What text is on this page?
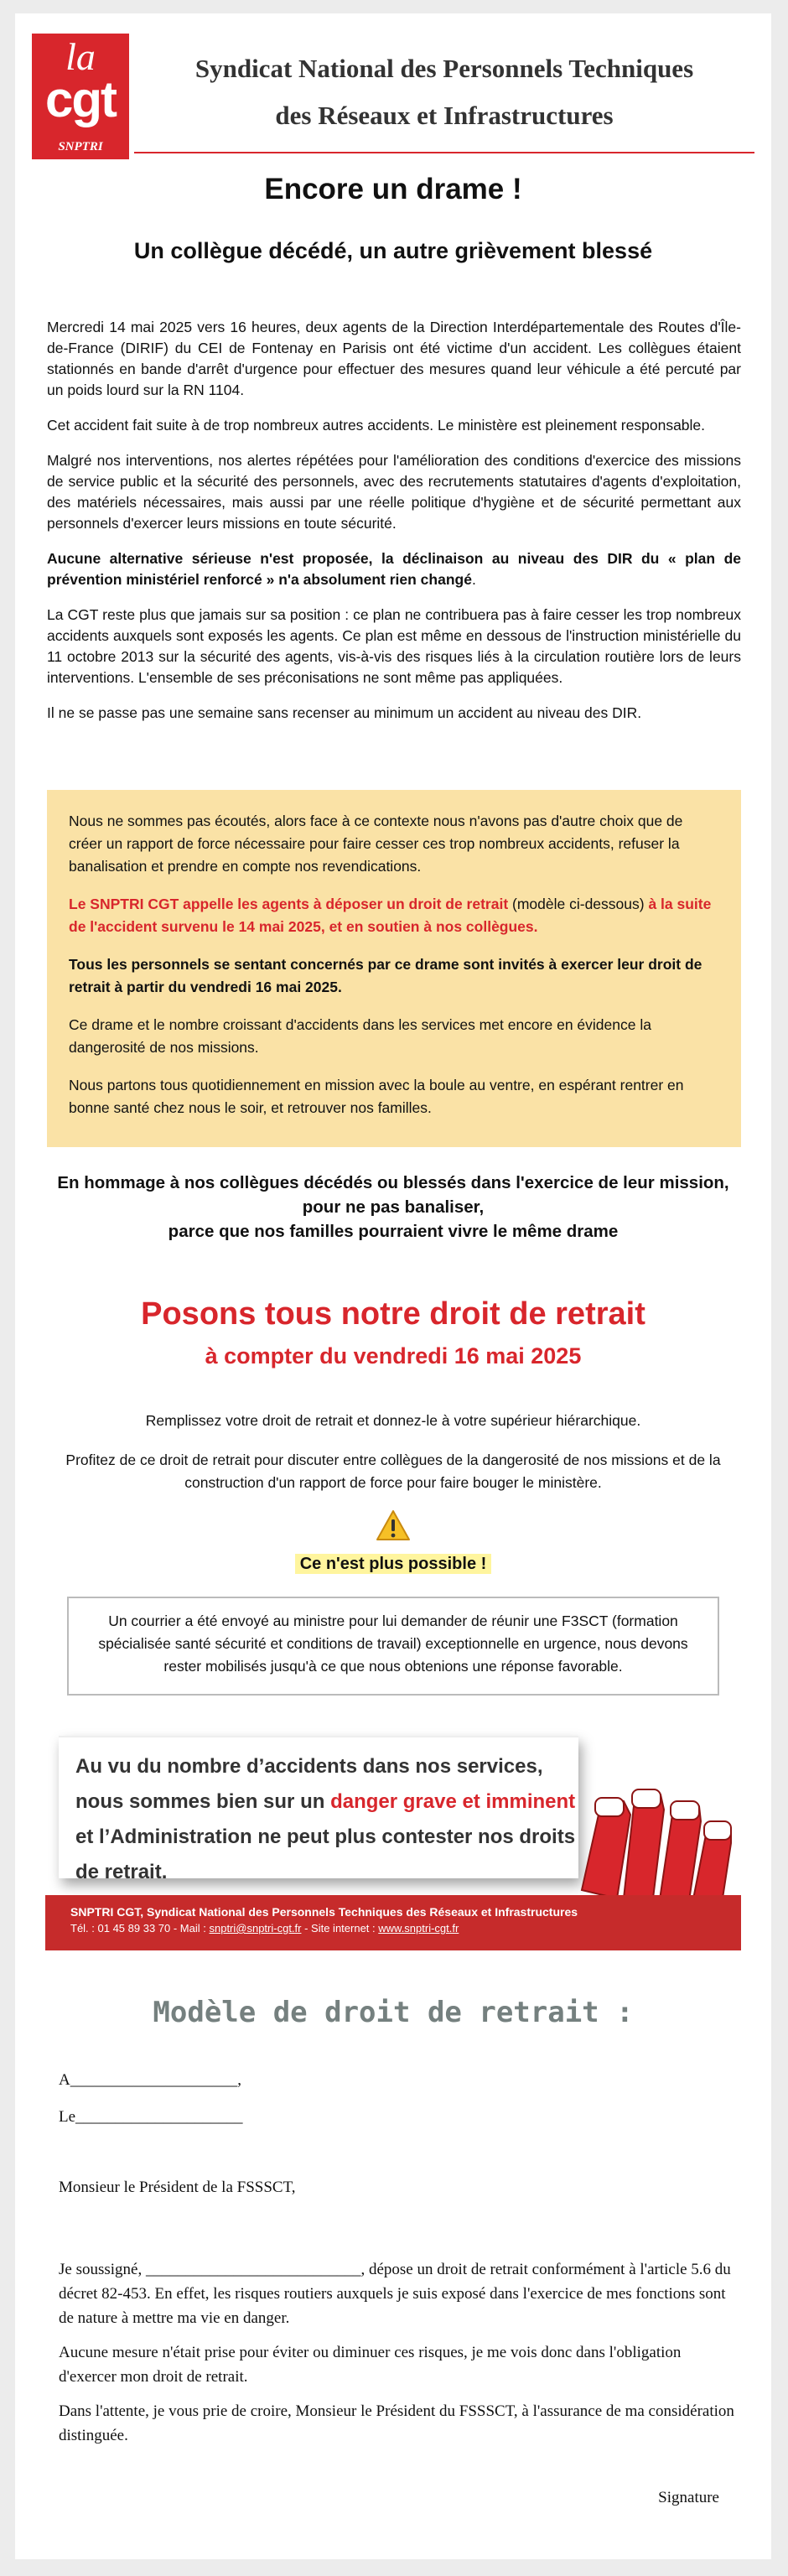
la
cgt
SNPTRI
Syndicat National des Personnels Techniques
des Réseaux et Infrastructures
Encore un drame !
Un collègue décédé, un autre grièvement blessé

Mercredi 14 mai 2025 vers 16 heures, deux agents de la Direction Interdépartementale des Routes d'Île-de-France (DIRIF) du CEI de Fontenay en Parisis ont été victime d'un accident. Les collègues étaient stationnés en bande d'arrêt d'urgence pour effectuer des mesures quand leur véhicule a été percuté par un poids lourd sur la RN 1104.

Cet accident fait suite à de trop nombreux autres accidents. Le ministère est pleinement responsable.

Malgré nos interventions, nos alertes répétées pour l'amélioration des conditions d'exercice des missions de service public et la sécurité des personnels, avec des recrutements statutaires d'agents d'exploitation, des matériels nécessaires, mais aussi par une réelle politique d'hygiène et de sécurité permettant aux personnels d'exercer leurs missions en toute sécurité.

Aucune alternative sérieuse n'est proposée, la déclinaison au niveau des DIR du « plan de prévention ministériel renforcé » n'a absolument rien changé.

La CGT reste plus que jamais sur sa position : ce plan ne contribuera pas à faire cesser les trop nombreux accidents auxquels sont exposés les agents. Ce plan est même en dessous de l'instruction ministérielle du 11 octobre 2013 sur la sécurité des agents, vis-à-vis des risques liés à la circulation routière lors de leurs interventions. L'ensemble de ses préconisations ne sont même pas appliquées.

Il ne se passe pas une semaine sans recenser au minimum un accident au niveau des DIR.

Nous ne sommes pas écoutés, alors face à ce contexte nous n'avons pas d'autre choix que de créer un rapport de force nécessaire pour faire cesser ces trop nombreux accidents, refuser la banalisation et prendre en compte nos revendications.

Le SNPTRI CGT appelle les agents à déposer un droit de retrait (modèle ci-dessous) à la suite de l'accident survenu le 14 mai 2025, et en soutien à nos collègues.

Tous les personnels se sentant concernés par ce drame sont invités à exercer leur droit de retrait à partir du vendredi 16 mai 2025.

Ce drame et le nombre croissant d'accidents dans les services met encore en évidence la dangerosité de nos missions.

Nous partons tous quotidiennement en mission avec la boule au ventre, en espérant rentrer en bonne santé chez nous le soir, et retrouver nos familles.

En hommage à nos collègues décédés ou blessés dans l'exercice de leur mission,
pour ne pas banaliser,
parce que nos familles pourraient vivre le même drame
Posons tous notre droit de retrait
à compter du vendredi 16 mai 2025
Remplissez votre droit de retrait et donnez-le à votre supérieur hiérarchique.
Profitez de ce droit de retrait pour discuter entre collègues de la dangerosité de nos missions et de la construction d'un rapport de force pour faire bouger le ministère.
Ce n'est plus possible !
Un courrier a été envoyé au ministre pour lui demander de réunir une F3SCT (formation spécialisée santé sécurité et conditions de travail) exceptionnelle en urgence, nous devons rester mobilisés jusqu'à ce que nous obtenions une réponse favorable.
Au vu du nombre d’accidents dans nos services, nous sommes bien sur un danger grave et imminent et l’Administration ne peut plus contester nos droits de retrait.
SNPTRI CGT, Syndicat National des Personnels Techniques des Réseaux et Infrastructures
Tél. : 01 45 89 33 70 - Mail : snptri@snptri-cgt.fr - Site internet : www.snptri-cgt.fr
Modèle de droit de retrait :
A_____________________,
Le_____________________
Monsieur le Président de la FSSSCT,

Je soussigné, ___________________________, dépose un droit de retrait conformément à l'article 5.6 du décret 82-453. En effet, les risques routiers auxquels je suis exposé dans l'exercice de mes fonctions sont de nature à mettre ma vie en danger.

Aucune mesure n'était prise pour éviter ou diminuer ces risques, je me vois donc dans l'obligation d'exercer mon droit de retrait.

Dans l'attente, je vous prie de croire, Monsieur le Président du FSSSCT, à l'assurance de ma considération distinguée.

Signature
